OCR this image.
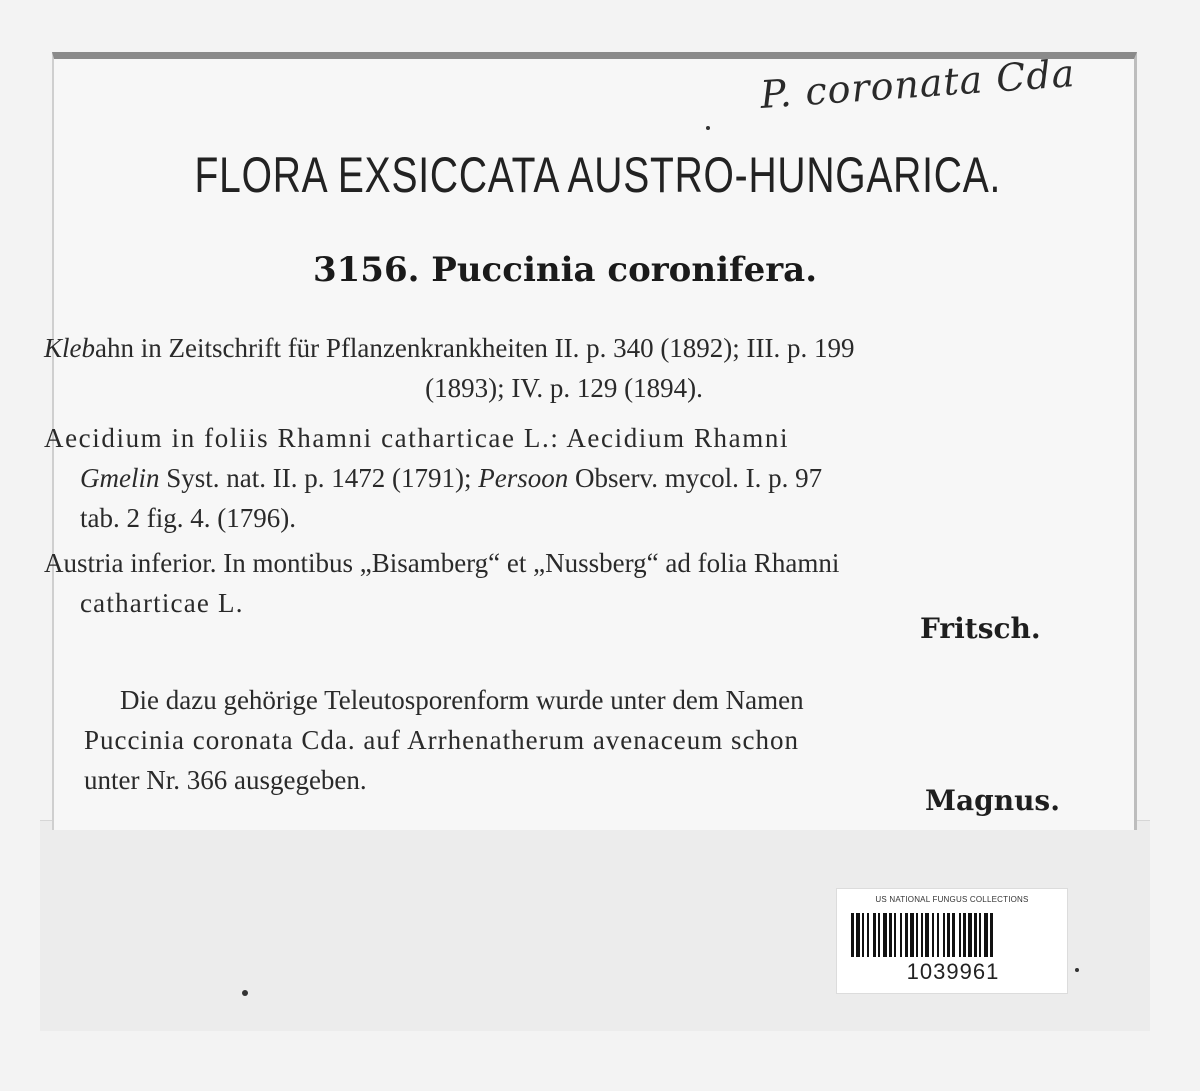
P. coronata Cda
FLORA EXSICCATA AUSTRO-HUNGARICA.
3156. Puccinia coronifera.
Klebahn in Zeitschrift für Pflanzenkrankheiten II. p. 340 (1892); III. p. 199
(1893); IV. p. 129 (1894).
Aecidium in foliis Rhamni catharticae L.: Aecidium Rhamni
Gmelin Syst. nat. II. p. 1472 (1791); Persoon Observ. mycol. I. p. 97
tab. 2 fig. 4. (1796).
Austria inferior. In montibus „Bisamberg“ et „Nussberg“ ad folia Rhamni
catharticae L.
Fritsch.
Die dazu gehörige Teleutosporenform wurde unter dem Namen
Puccinia coronata Cda. auf Arrhenatherum avenaceum schon
unter Nr. 366 ausgegeben.
Magnus.
US NATIONAL FUNGUS COLLECTIONS
1039961
